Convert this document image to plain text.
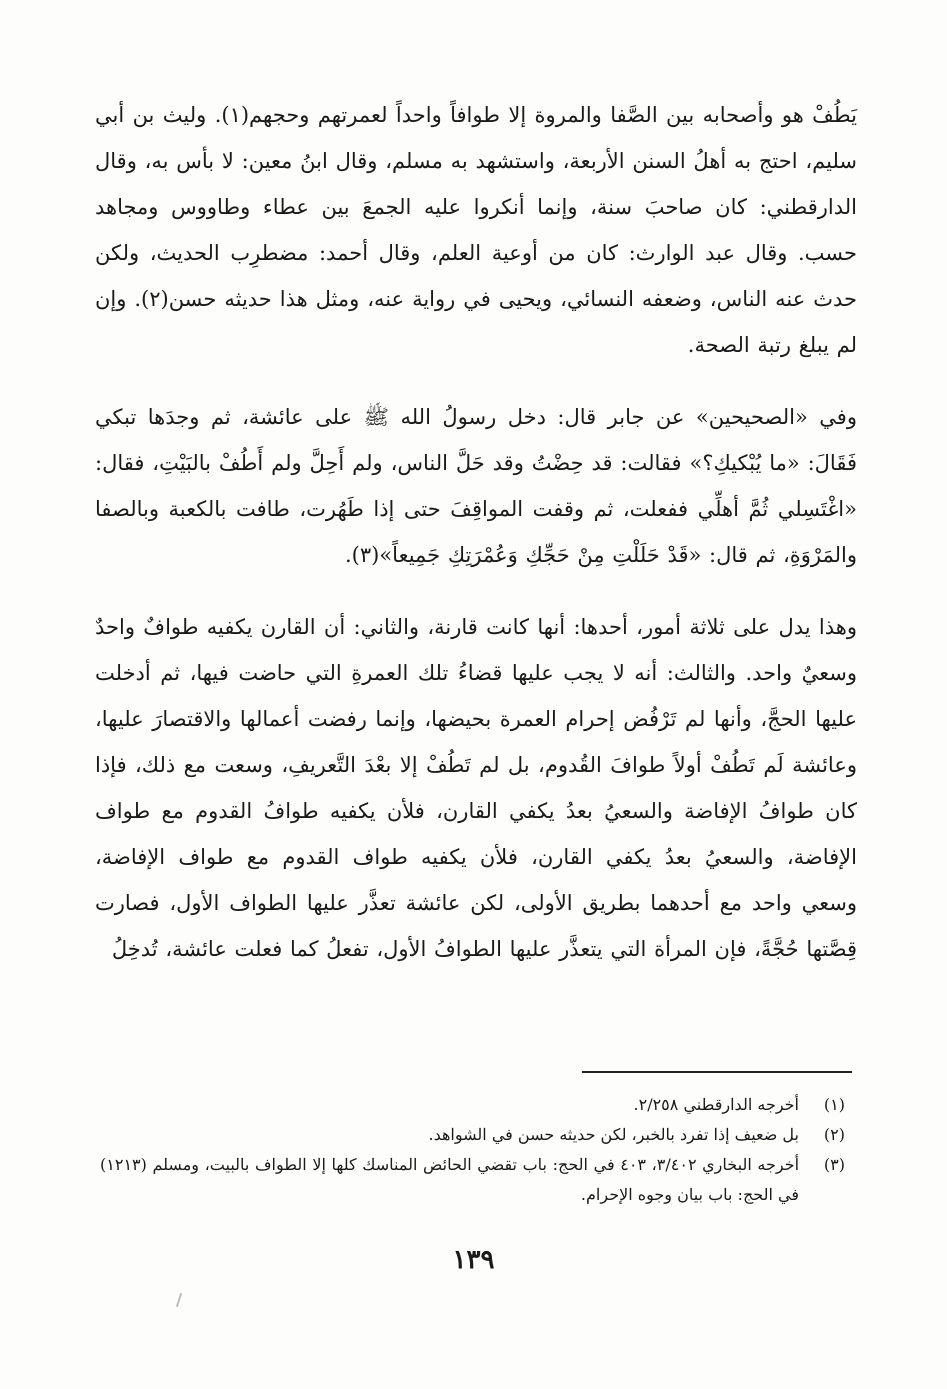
يَطُفْ هو وأصحابه بين الصَّفا والمروة إلا طوافاً واحداً لعمرتهم وحجهم(١). وليث بن أبي سليم، احتج به أهلُ السنن الأربعة، واستشهد به مسلم، وقال ابنُ معين: لا بأس به، وقال الدارقطني: كان صاحبَ سنة، وإنما أنكروا عليه الجمعَ بين عطاء وطاووس ومجاهد حسب. وقال عبد الوارث: كان من أوعية العلم، وقال أحمد: مضطرِب الحديث، ولكن حدث عنه الناس، وضعفه النسائي، ويحيى في رواية عنه، ومثل هذا حديثه حسن(٢). وإن لم يبلغ رتبة الصحة.

وفي «الصحيحين» عن جابر قال: دخل رسولُ الله ﷺ على عائشة، ثم وجدَها تبكي فَقَالَ: «ما يُبْكيكِ؟» فقالت: قد حِضْتُ وقد حَلَّ الناس، ولم أَحِلَّ ولم أَطُفْ بالبَيْتِ، فقال: «اغْتَسِلي ثُمَّ أهلِّي ففعلت، ثم وقفت المواقِفَ حتى إذا طَهُرت، طافت بالكعبة وبالصفا والمَرْوَةِ، ثم قال: «قَدْ حَلَلْتِ مِنْ حَجِّكِ وَعُمْرَتِكِ جَمِيعاً»(٣).

وهذا يدل على ثلاثة أمور، أحدها: أنها كانت قارنة، والثاني: أن القارن يكفيه طوافٌ واحدٌ وسعيٌ واحد. والثالث: أنه لا يجب عليها قضاءُ تلك العمرةِ التي حاضت فيها، ثم أدخلت عليها الحجَّ، وأنها لم تَرْفُض إحرام العمرة بحيضها، وإنما رفضت أعمالها والاقتصارَ عليها، وعائشة لَم تَطُفْ أولاً طوافَ القُدوم، بل لم تَطُفْ إلا بعْدَ التَّعريفِ، وسعت مع ذلك، فإذا كان طوافُ الإفاضة والسعيُ بعدُ يكفي القارن، فلأن يكفيه طوافُ القدوم مع طواف الإفاضة، والسعيُ بعدُ يكفي القارن، فلأن يكفيه طواف القدوم مع طواف الإفاضة، وسعي واحد مع أحدهما بطريق الأولى، لكن عائشة تعذَّر عليها الطواف الأول، فصارت قِصَّتها حُجَّةً، فإن المرأة التي يتعذَّر عليها الطوافُ الأول، تفعلُ كما فعلت عائشة، تُدخِلُ

(١)
أخرجه الدارقطني ٢/٢٥٨.

(٢)
بل ضعيف إذا تفرد بالخبر، لكن حديثه حسن في الشواهد.

(٣)
أخرجه البخاري ٣/٤٠٢، ٤٠٣ في الحج: باب تقضي الحائض المناسك كلها إلا الطواف بالبيت، ومسلم (١٢١٣) في الحج: باب بيان وجوه الإحرام.

١٣٩
